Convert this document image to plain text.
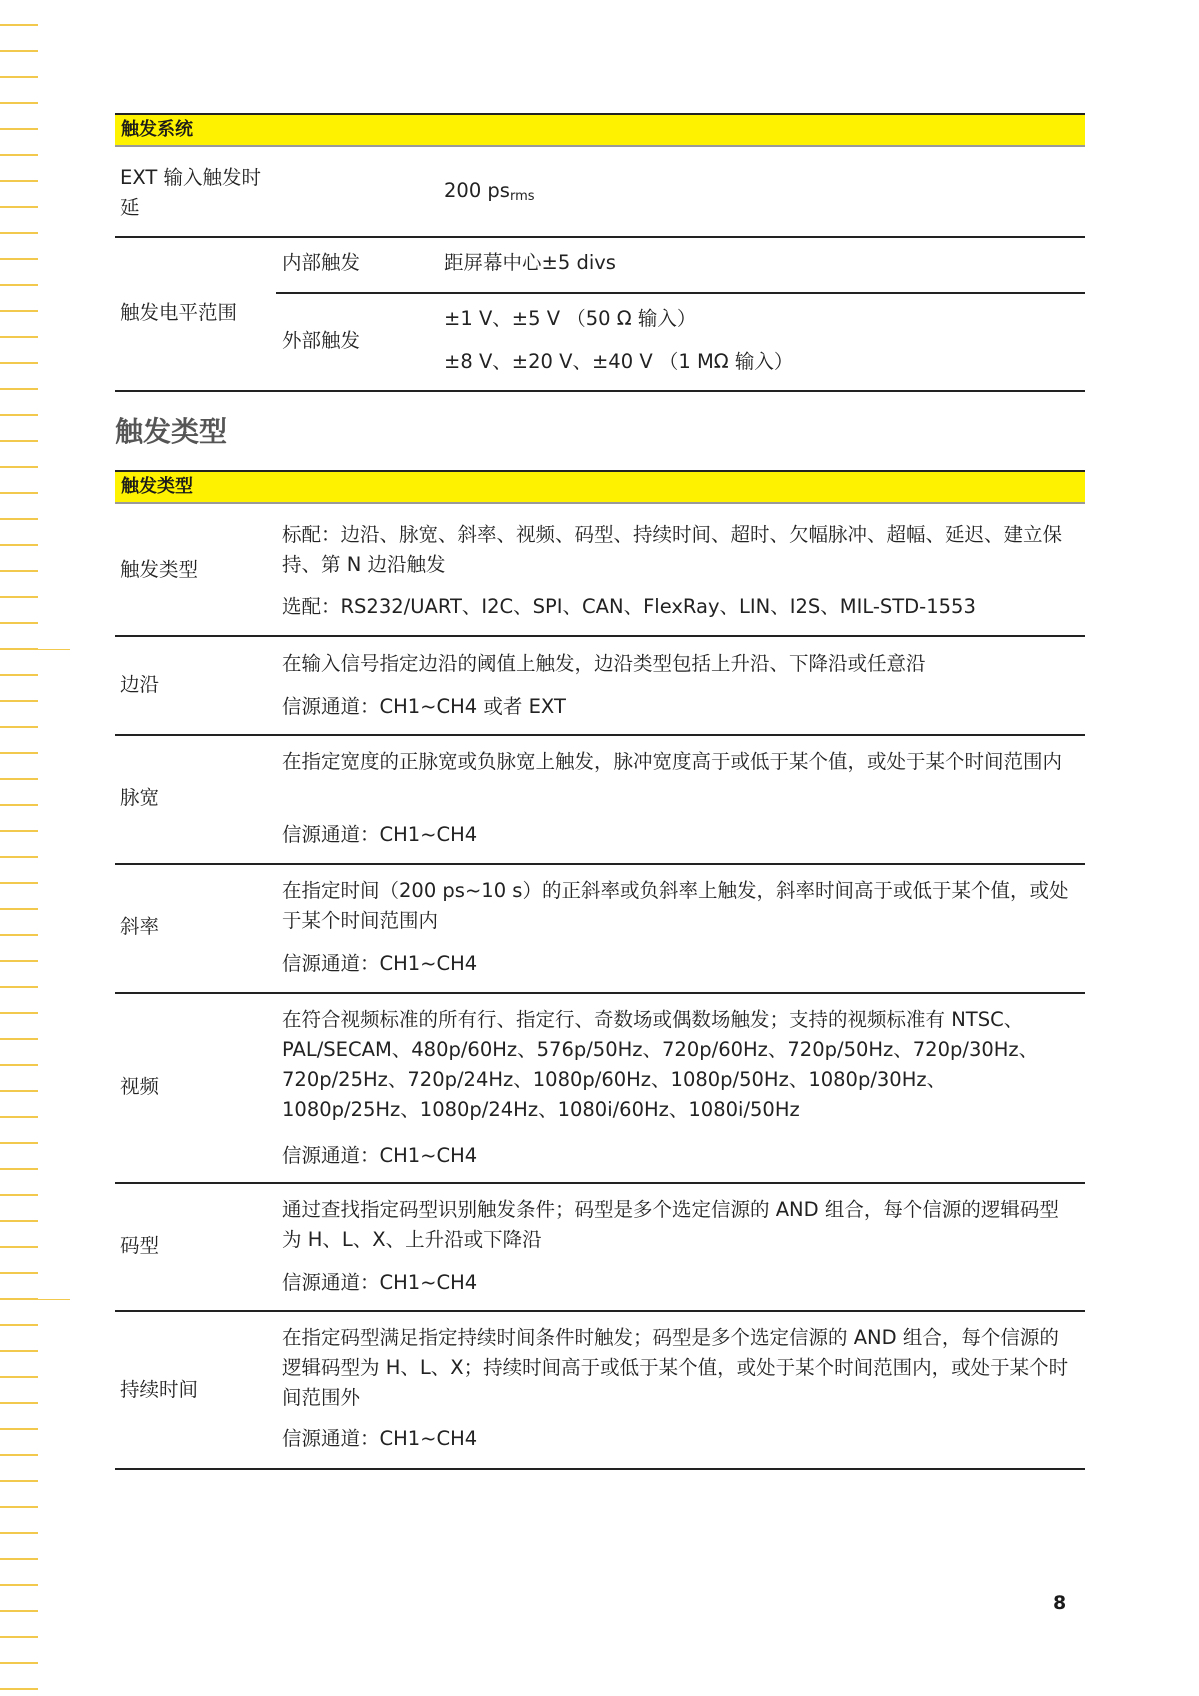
触发系统
EXT 输入触发时延
200 $ps_{rms}$
触发电平范围
内部触发	距屏幕中心±5 divs
外部触发
±1 V、±5 V （50 Ω 输入）
±8 V、±20 V、±40 V （1 MΩ 输入）
触发类型
触发类型
触发类型
标配：边沿、脉宽、斜率、视频、码型、持续时间、超时、欠幅脉冲、超幅、延迟、建立保持、第 N 边沿触发
选配：RS232/UART、I2C、SPI、CAN、FlexRay、LIN、I2S、MIL-STD-1553
边沿
在输入信号指定边沿的阈值上触发，边沿类型包括上升沿、下降沿或任意沿
信源通道：CH1~CH4 或者 EXT
脉宽
在指定宽度的正脉宽或负脉宽上触发，脉冲宽度高于或低于某个值，或处于某个时间范围内
信源通道：CH1~CH4
斜率
在指定时间（200 ps~10 s）的正斜率或负斜率上触发，斜率时间高于或低于某个值，或处于某个时间范围内
信源通道：CH1~CH4
视频
在符合视频标准的所有行、指定行、奇数场或偶数场触发；支持的视频标准有 NTSC、PAL/SECAM、480p/60Hz、576p/50Hz、720p/60Hz、720p/50Hz、720p/30Hz、720p/25Hz、720p/24Hz、1080p/60Hz、1080p/50Hz、1080p/30Hz、1080p/25Hz、1080p/24Hz、1080i/60Hz、1080i/50Hz
信源通道：CH1~CH4
码型
通过查找指定码型识别触发条件；码型是多个选定信源的 AND 组合，每个信源的逻辑码型为 H、L、X、上升沿或下降沿
信源通道：CH1~CH4
持续时间
在指定码型满足指定持续时间条件时触发；码型是多个选定信源的 AND 组合，每个信源的逻辑码型为 H、L、X；持续时间高于或低于某个值，或处于某个时间范围内，或处于某个时间范围外
信源通道：CH1~CH4
8
